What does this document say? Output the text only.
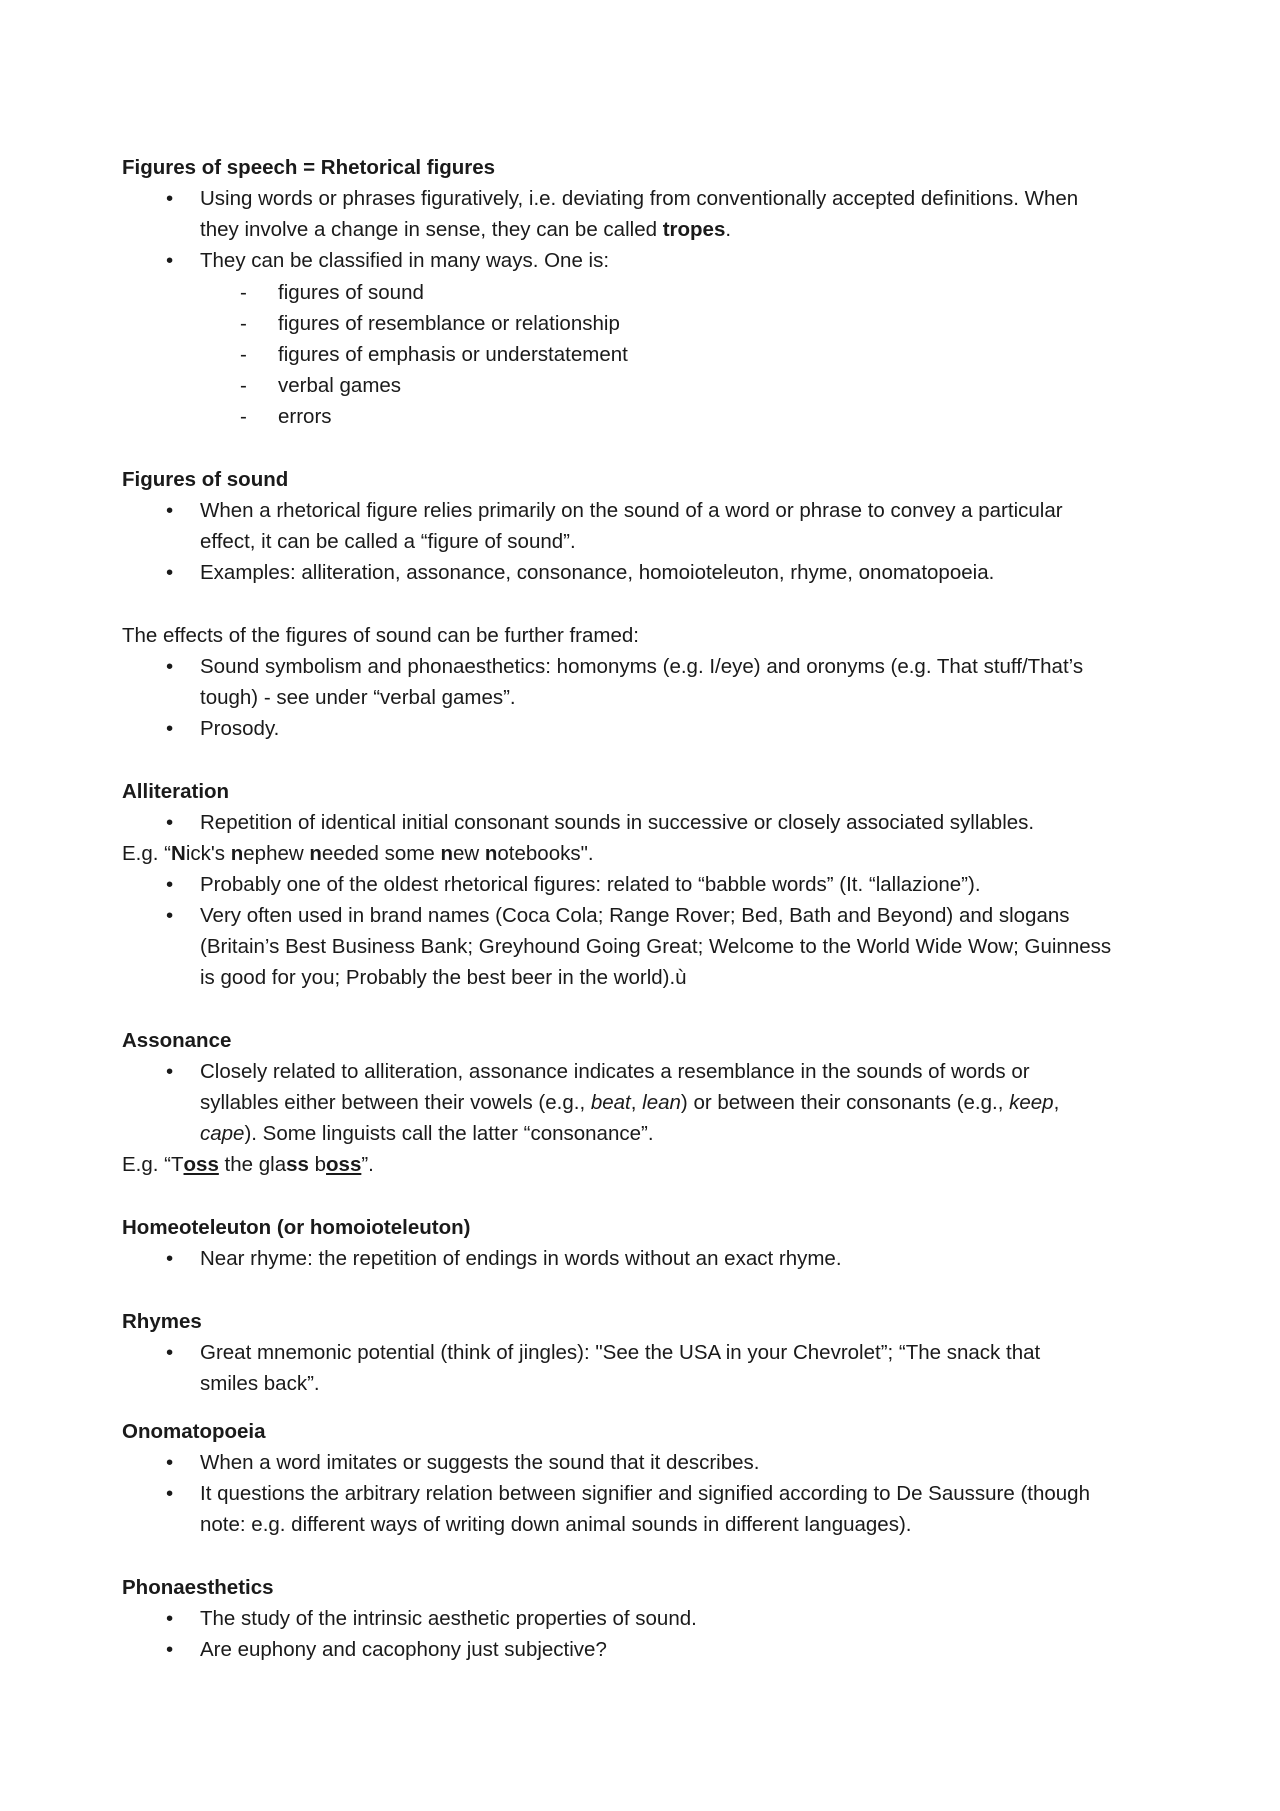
Figures of speech = Rhetorical figures
• Using words or phrases figuratively, i.e. deviating from conventionally accepted definitions. When
they involve a change in sense, they can be called tropes.
• They can be classified in many ways. One is:
- figures of sound
- figures of resemblance or relationship
- figures of emphasis or understatement
- verbal games
- errors
Figures of sound
• When a rhetorical figure relies primarily on the sound of a word or phrase to convey a particular
effect, it can be called a “figure of sound”.
• Examples: alliteration, assonance, consonance, homoioteleuton, rhyme, onomatopoeia.
The effects of the figures of sound can be further framed:
• Sound symbolism and phonaesthetics: homonyms (e.g. I/eye) and oronyms (e.g. That stuff/That’s
tough) - see under “verbal games”.
• Prosody.
Alliteration
• Repetition of identical initial consonant sounds in successive or closely associated syllables.
E.g. “Nick's nephew needed some new notebooks".
• Probably one of the oldest rhetorical figures: related to “babble words” (It. “lallazione”).
• Very often used in brand names (Coca Cola; Range Rover; Bed, Bath and Beyond) and slogans
(Britain’s Best Business Bank; Greyhound Going Great; Welcome to the World Wide Wow; Guinness
is good for you; Probably the best beer in the world).ù
Assonance
• Closely related to alliteration, assonance indicates a resemblance in the sounds of words or
syllables either between their vowels (e.g., beat, lean) or between their consonants (e.g., keep,
cape). Some linguists call the latter “consonance”.
E.g. “Toss the glass boss”.
Homeoteleuton (or homoioteleuton)
• Near rhyme: the repetition of endings in words without an exact rhyme.
Rhymes
• Great mnemonic potential (think of jingles): "See the USA in your Chevrolet”; “The snack that
smiles back”.
Onomatopoeia
• When a word imitates or suggests the sound that it describes.
• It questions the arbitrary relation between signifier and signified according to De Saussure (though
note: e.g. different ways of writing down animal sounds in different languages).
Phonaesthetics
• The study of the intrinsic aesthetic properties of sound.
• Are euphony and cacophony just subjective?
